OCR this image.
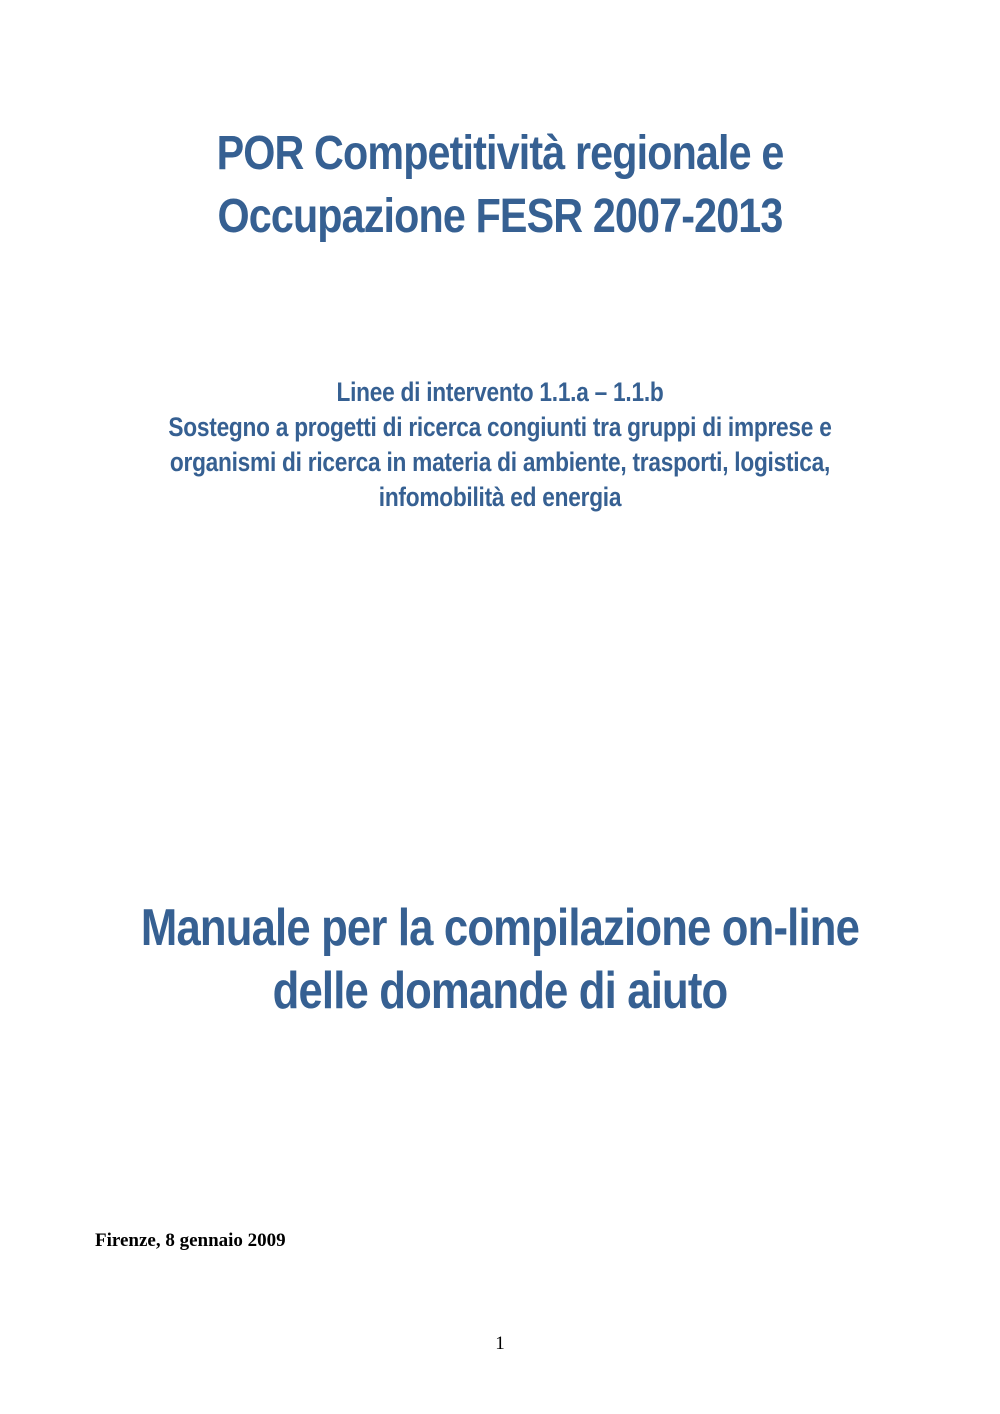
POR Competitività regionale e
Occupazione FESR 2007-2013
Linee di intervento 1.1.a – 1.1.b
Sostegno a progetti di ricerca congiunti tra gruppi di imprese e
organismi di ricerca in materia di ambiente, trasporti, logistica,
infomobilità ed energia
Manuale per la compilazione on-line
delle domande di aiuto
Firenze, 8 gennaio 2009
1
